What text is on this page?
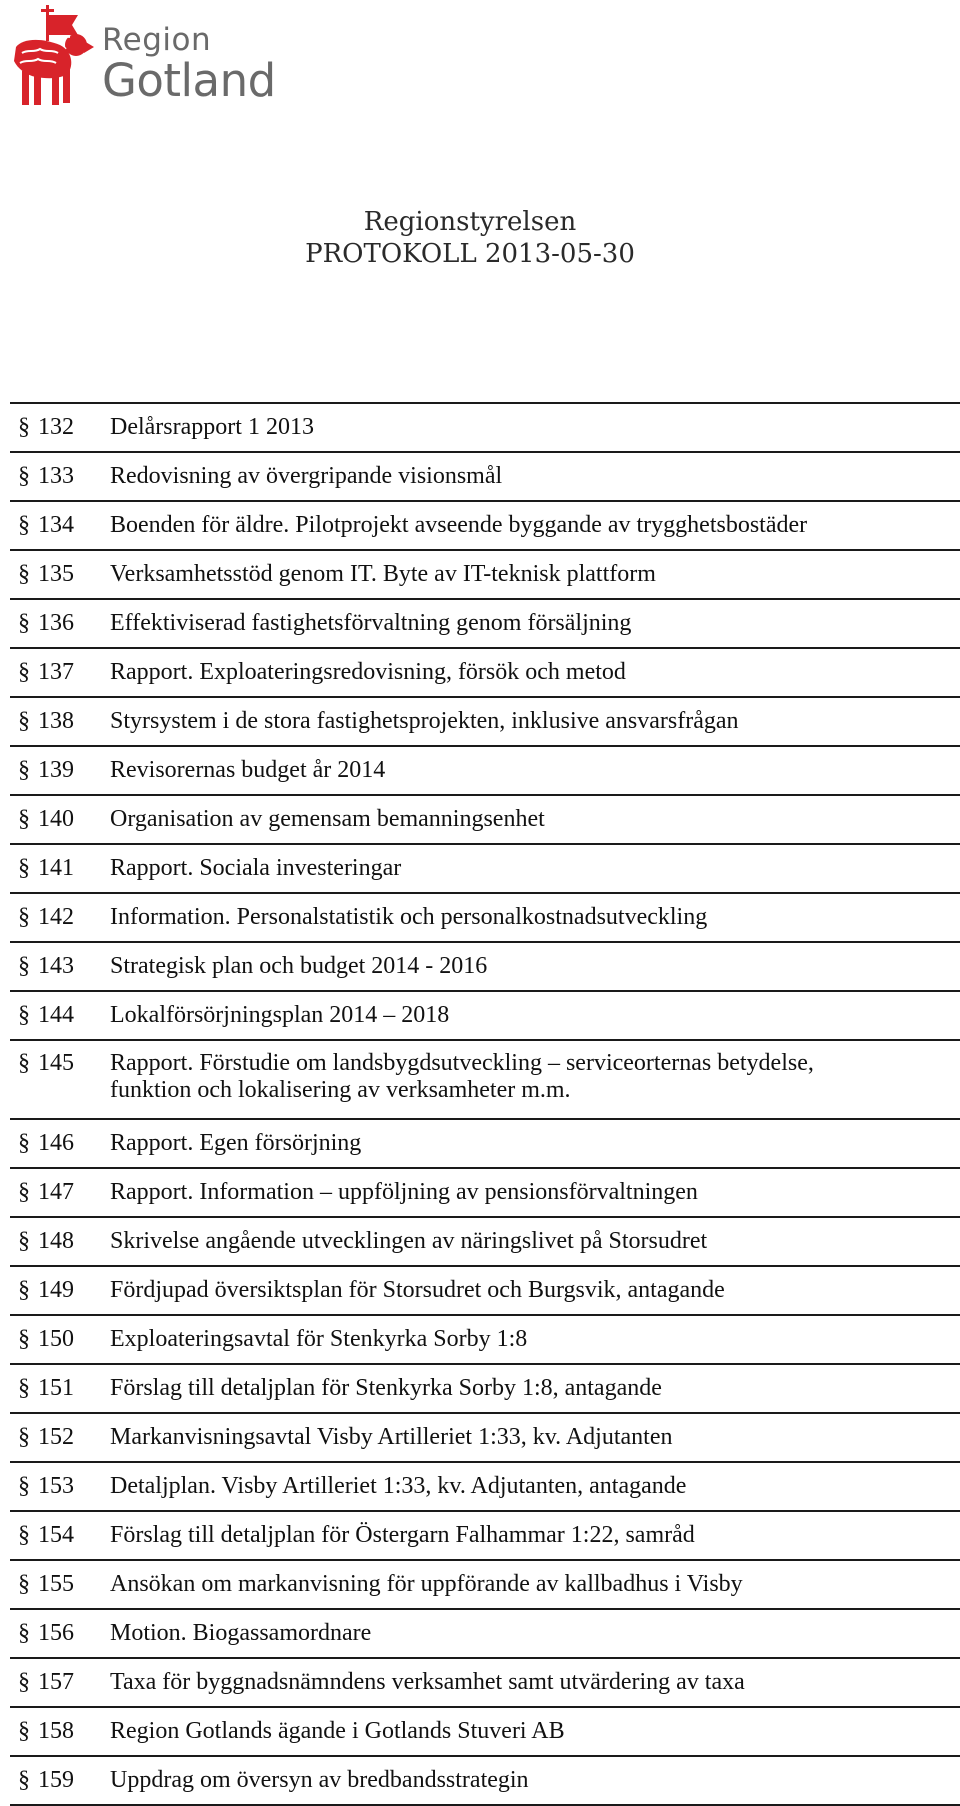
Region
Gotland
Regionstyrelsen
PROTOKOLL 2013-05-30
§ 132	Delårsrapport 1 2013
§ 133	Redovisning av övergripande visionsmål
§ 134	Boenden för äldre. Pilotprojekt avseende byggande av trygghetsbostäder
§ 135	Verksamhetsstöd genom IT. Byte av IT-teknisk plattform
§ 136	Effektiviserad fastighetsförvaltning genom försäljning
§ 137	Rapport. Exploateringsredovisning, försök och metod
§ 138	Styrsystem i de stora fastighetsprojekten, inklusive ansvarsfrågan
§ 139	Revisorernas budget år 2014
§ 140	Organisation av gemensam bemanningsenhet
§ 141	Rapport. Sociala investeringar
§ 142	Information. Personalstatistik och personalkostnadsutveckling
§ 143	Strategisk plan och budget 2014 - 2016
§ 144	Lokalförsörjningsplan 2014 – 2018
§ 145	Rapport. Förstudie om landsbygdsutveckling – serviceorternas betydelse,
funktion och lokalisering av verksamheter m.m.
§ 146	Rapport. Egen försörjning
§ 147	Rapport. Information – uppföljning av pensionsförvaltningen
§ 148	Skrivelse angående utvecklingen av näringslivet på Storsudret
§ 149	Fördjupad översiktsplan för Storsudret och Burgsvik, antagande
§ 150	Exploateringsavtal för Stenkyrka Sorby 1:8
§ 151	Förslag till detaljplan för Stenkyrka Sorby 1:8, antagande
§ 152	Markanvisningsavtal Visby Artilleriet 1:33, kv. Adjutanten
§ 153	Detaljplan. Visby Artilleriet 1:33, kv. Adjutanten, antagande
§ 154	Förslag till detaljplan för Östergarn Falhammar 1:22, samråd
§ 155	Ansökan om markanvisning för uppförande av kallbadhus i Visby
§ 156	Motion. Biogassamordnare
§ 157	Taxa för byggnadsnämndens verksamhet samt utvärdering av taxa
§ 158	Region Gotlands ägande i Gotlands Stuveri AB
§ 159	Uppdrag om översyn av bredbandsstrategin
